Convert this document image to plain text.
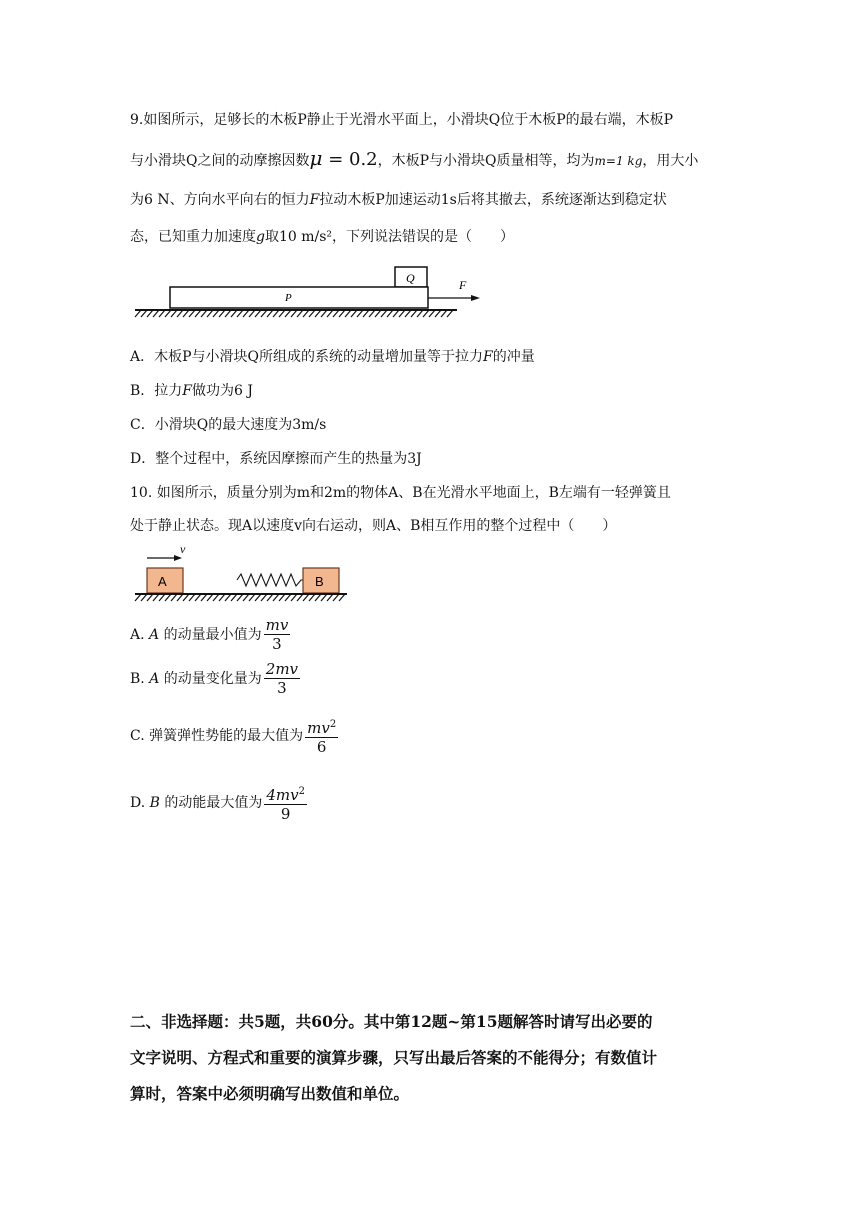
9.如图所示，足够长的木板P静止于光滑水平面上，小滑块Q位于木板P的最右端，木板P
与小滑块Q之间的动摩擦因数μ = 0.2，木板P与小滑块Q质量相等，均为m=1 kg，用大小
为6 N、方向水平向右的恒力F拉动木板P加速运动1s后将其撤去，系统逐渐达到稳定状
态，已知重力加速度g取10 m/s²，下列说法错误的是（　　）
Q
P
F
A．木板P与小滑块Q所组成的系统的动量增加量等于拉力F的冲量
B．拉力F做功为6 J
C．小滑块Q的最大速度为3m/s
D．整个过程中，系统因摩擦而产生的热量为3J
10. 如图所示，质量分别为m和2m的物体A、B在光滑水平地面上，B左端有一轻弹簧且
处于静止状态。现A以速度v向右运动，则A、B相互作用的整个过程中（　　）
v
A	B
A. A 的动量最小值为 $\frac{mv}{3}$
B. A 的动量变化量为 $\frac{2mv}{3}$
C. 弹簧弹性势能的最大值为 $\frac{mv^2}{6}$
D. B 的动能最大值为 $\frac{4mv^2}{9}$
二、非选择题：共5题，共60分。其中第12题~第15题解答时请写出必要的
文字说明、方程式和重要的演算步骤，只写出最后答案的不能得分；有数值计
算时，答案中必须明确写出数值和单位。
